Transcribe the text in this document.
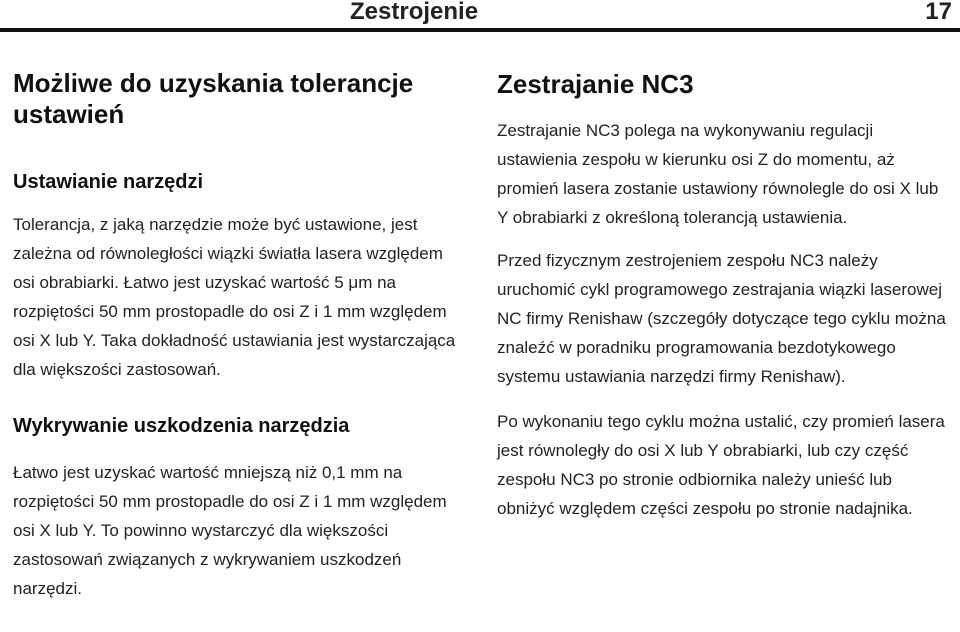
Zestrojenie	17
Możliwe do uzyskania tolerancje ustawień
Ustawianie narzędzi

Tolerancja, z jaką narzędzie może być ustawione, jest zależna od równoległości wiązki światła lasera względem osi obrabiarki. Łatwo jest uzyskać wartość 5 μm na rozpiętości 50 mm prostopadle do osi Z i 1 mm względem osi X lub Y. Taka dokładność ustawiania jest wystarczająca dla większości zastosowań.

Wykrywanie uszkodzenia narzędzia

Łatwo jest uzyskać wartość mniejszą niż 0,1 mm na rozpiętości 50 mm prostopadle do osi Z i 1 mm względem osi X lub Y. To powinno wystarczyć dla większości zastosowań związanych z wykrywaniem uszkodzeń narzędzi.

Zestrajanie NC3

Zestrajanie NC3 polega na wykonywaniu regulacji ustawienia zespołu w kierunku osi Z do momentu, aż promień lasera zostanie ustawiony równolegle do osi X lub Y obrabiarki z określoną tolerancją ustawienia.

Przed fizycznym zestrojeniem zespołu NC3 należy uruchomić cykl programowego zestrajania wiązki laserowej NC firmy Renishaw (szczegóły dotyczące tego cyklu można znaleźć w poradniku programowania bezdotykowego systemu ustawiania narzędzi firmy Renishaw).

Po wykonaniu tego cyklu można ustalić, czy promień lasera jest równoległy do osi X lub Y obrabiarki, lub czy część zespołu NC3 po stronie odbiornika należy unieść lub obniżyć względem części zespołu po stronie nadajnika.
